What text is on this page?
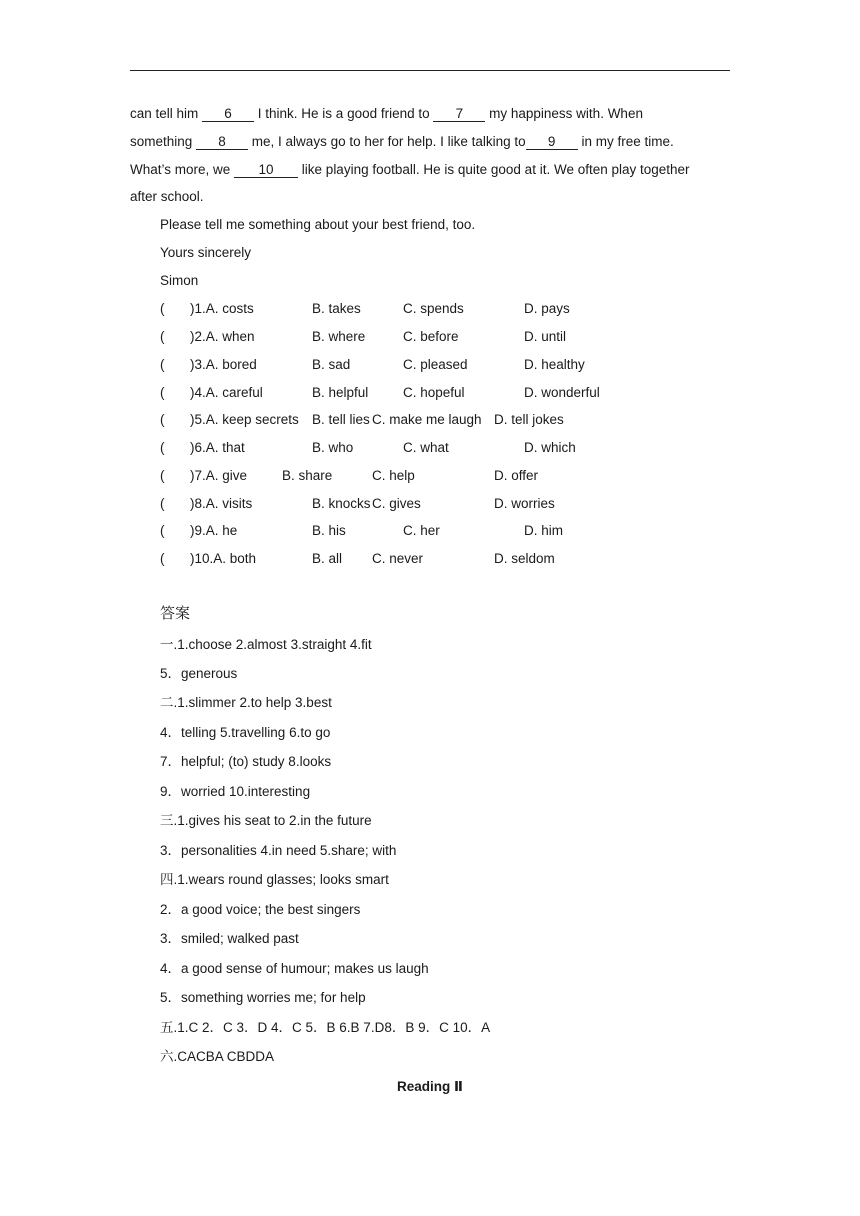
can tell him 6 I think. He is a good friend to 7 my happiness with. When
something 8 me, I always go to her for help. I like talking to 9 in my free time.
What’s more, we 10 like playing football. He is quite good at it. We often play together
after school.
Please tell me something about your best friend, too.
Yours sincerely
Simon
( )1.A. costs	B. takes	C. spends	D. pays
( )2.A. when	B. where	C. before	D. until
( )3.A. bored	B. sad	C. pleased	D. healthy
( )4.A. careful	B. helpful	C. hopeful	D. wonderful
( )5.A. keep secrets B. tell lies C. make me laugh D. tell jokes
( )6.A. that	B. who	C. what	D. which
( )7.A. give	B. share	C. help	D. offer
( )8.A. visits	B. knocks C. gives	D. worries
( )9.A. he	B. his	C. her	D. him
( )10.A. both	B. all C. never	D. seldom
答案
一.1.choose 2.almost 3.straight 4.fit
5．generous
二.1.slimmer 2.to help 3.best
4．telling 5.travelling 6.to go
7．helpful; (to) study 8.looks
9．worried 10.interesting
三.1.gives his seat to 2.in the future
3．personalities 4.in need 5.share; with
四.1.wears round glasses; looks smart
2．a good voice; the best singers
3．smiled; walked past
4．a good sense of humour; makes us laugh
5．something worries me; for help
五.1.C 2．C 3．D 4．C 5．B 6.B 7.D8．B 9．C 10．A
六.CACBA CBDDA
Reading Ⅱ
